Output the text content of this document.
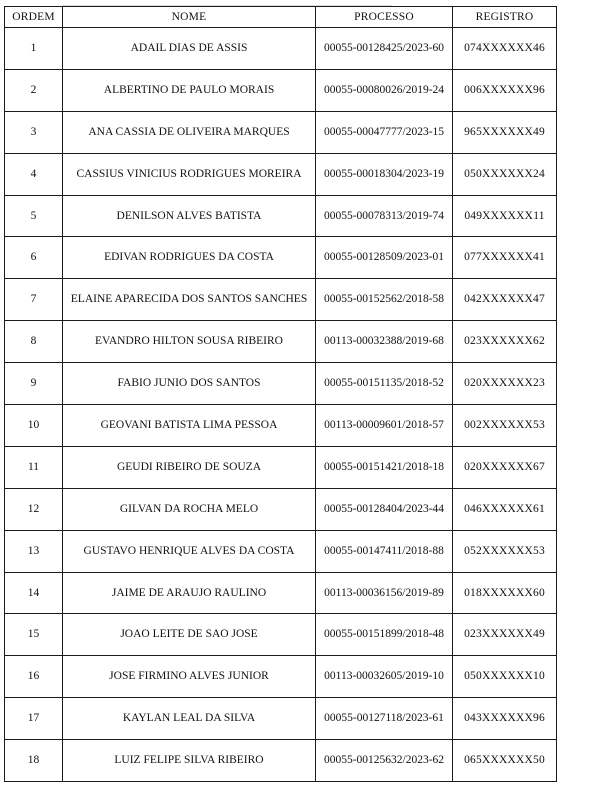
ORDEM	NOME	PROCESSO	REGISTRO
1	ADAIL DIAS DE ASSIS	00055-00128425/2023-60	074XXXXXX46
2	ALBERTINO DE PAULO MORAIS	00055-00080026/2019-24	006XXXXXX96
3	ANA CASSIA DE OLIVEIRA MARQUES	00055-00047777/2023-15	965XXXXXX49
4	CASSIUS VINICIUS RODRIGUES MOREIRA	00055-00018304/2023-19	050XXXXXX24
5	DENILSON ALVES BATISTA	00055-00078313/2019-74	049XXXXXX11
6	EDIVAN RODRIGUES DA COSTA	00055-00128509/2023-01	077XXXXXX41
7	ELAINE APARECIDA DOS SANTOS SANCHES	00055-00152562/2018-58	042XXXXXX47
8	EVANDRO HILTON SOUSA RIBEIRO	00113-00032388/2019-68	023XXXXXX62
9	FABIO JUNIO DOS SANTOS	00055-00151135/2018-52	020XXXXXX23
10	GEOVANI BATISTA LIMA PESSOA	00113-00009601/2018-57	002XXXXXX53
11	GEUDI RIBEIRO DE SOUZA	00055-00151421/2018-18	020XXXXXX67
12	GILVAN DA ROCHA MELO	00055-00128404/2023-44	046XXXXXX61
13	GUSTAVO HENRIQUE ALVES DA COSTA	00055-00147411/2018-88	052XXXXXX53
14	JAIME DE ARAUJO RAULINO	00113-00036156/2019-89	018XXXXXX60
15	JOAO LEITE DE SAO JOSE	00055-00151899/2018-48	023XXXXXX49
16	JOSE FIRMINO ALVES JUNIOR	00113-00032605/2019-10	050XXXXXX10
17	KAYLAN LEAL DA SILVA	00055-00127118/2023-61	043XXXXXX96
18	LUIZ FELIPE SILVA RIBEIRO	00055-00125632/2023-62	065XXXXXX50
